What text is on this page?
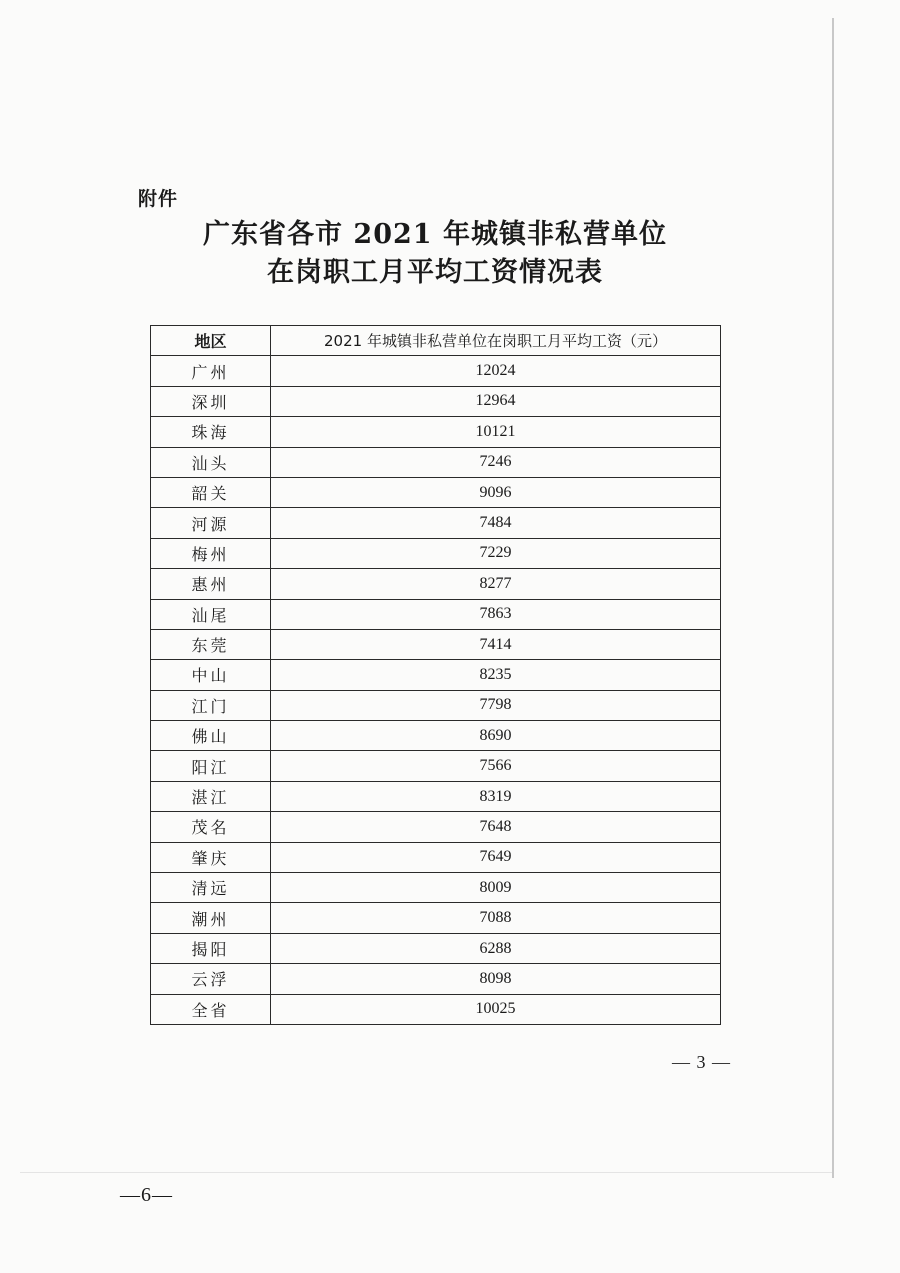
附件
广东省各市 2021 年城镇非私营单位
在岗职工月平均工资情况表
地区	2021 年城镇非私营单位在岗职工月平均工资（元）
广州	12024
深圳	12964
珠海	10121
汕头	7246
韶关	9096
河源	7484
梅州	7229
惠州	8277
汕尾	7863
东莞	7414
中山	8235
江门	7798
佛山	8690
阳江	7566
湛江	8319
茂名	7648
肇庆	7649
清远	8009
潮州	7088
揭阳	6288
云浮	8098
全省	10025
— 3 —
—6—
